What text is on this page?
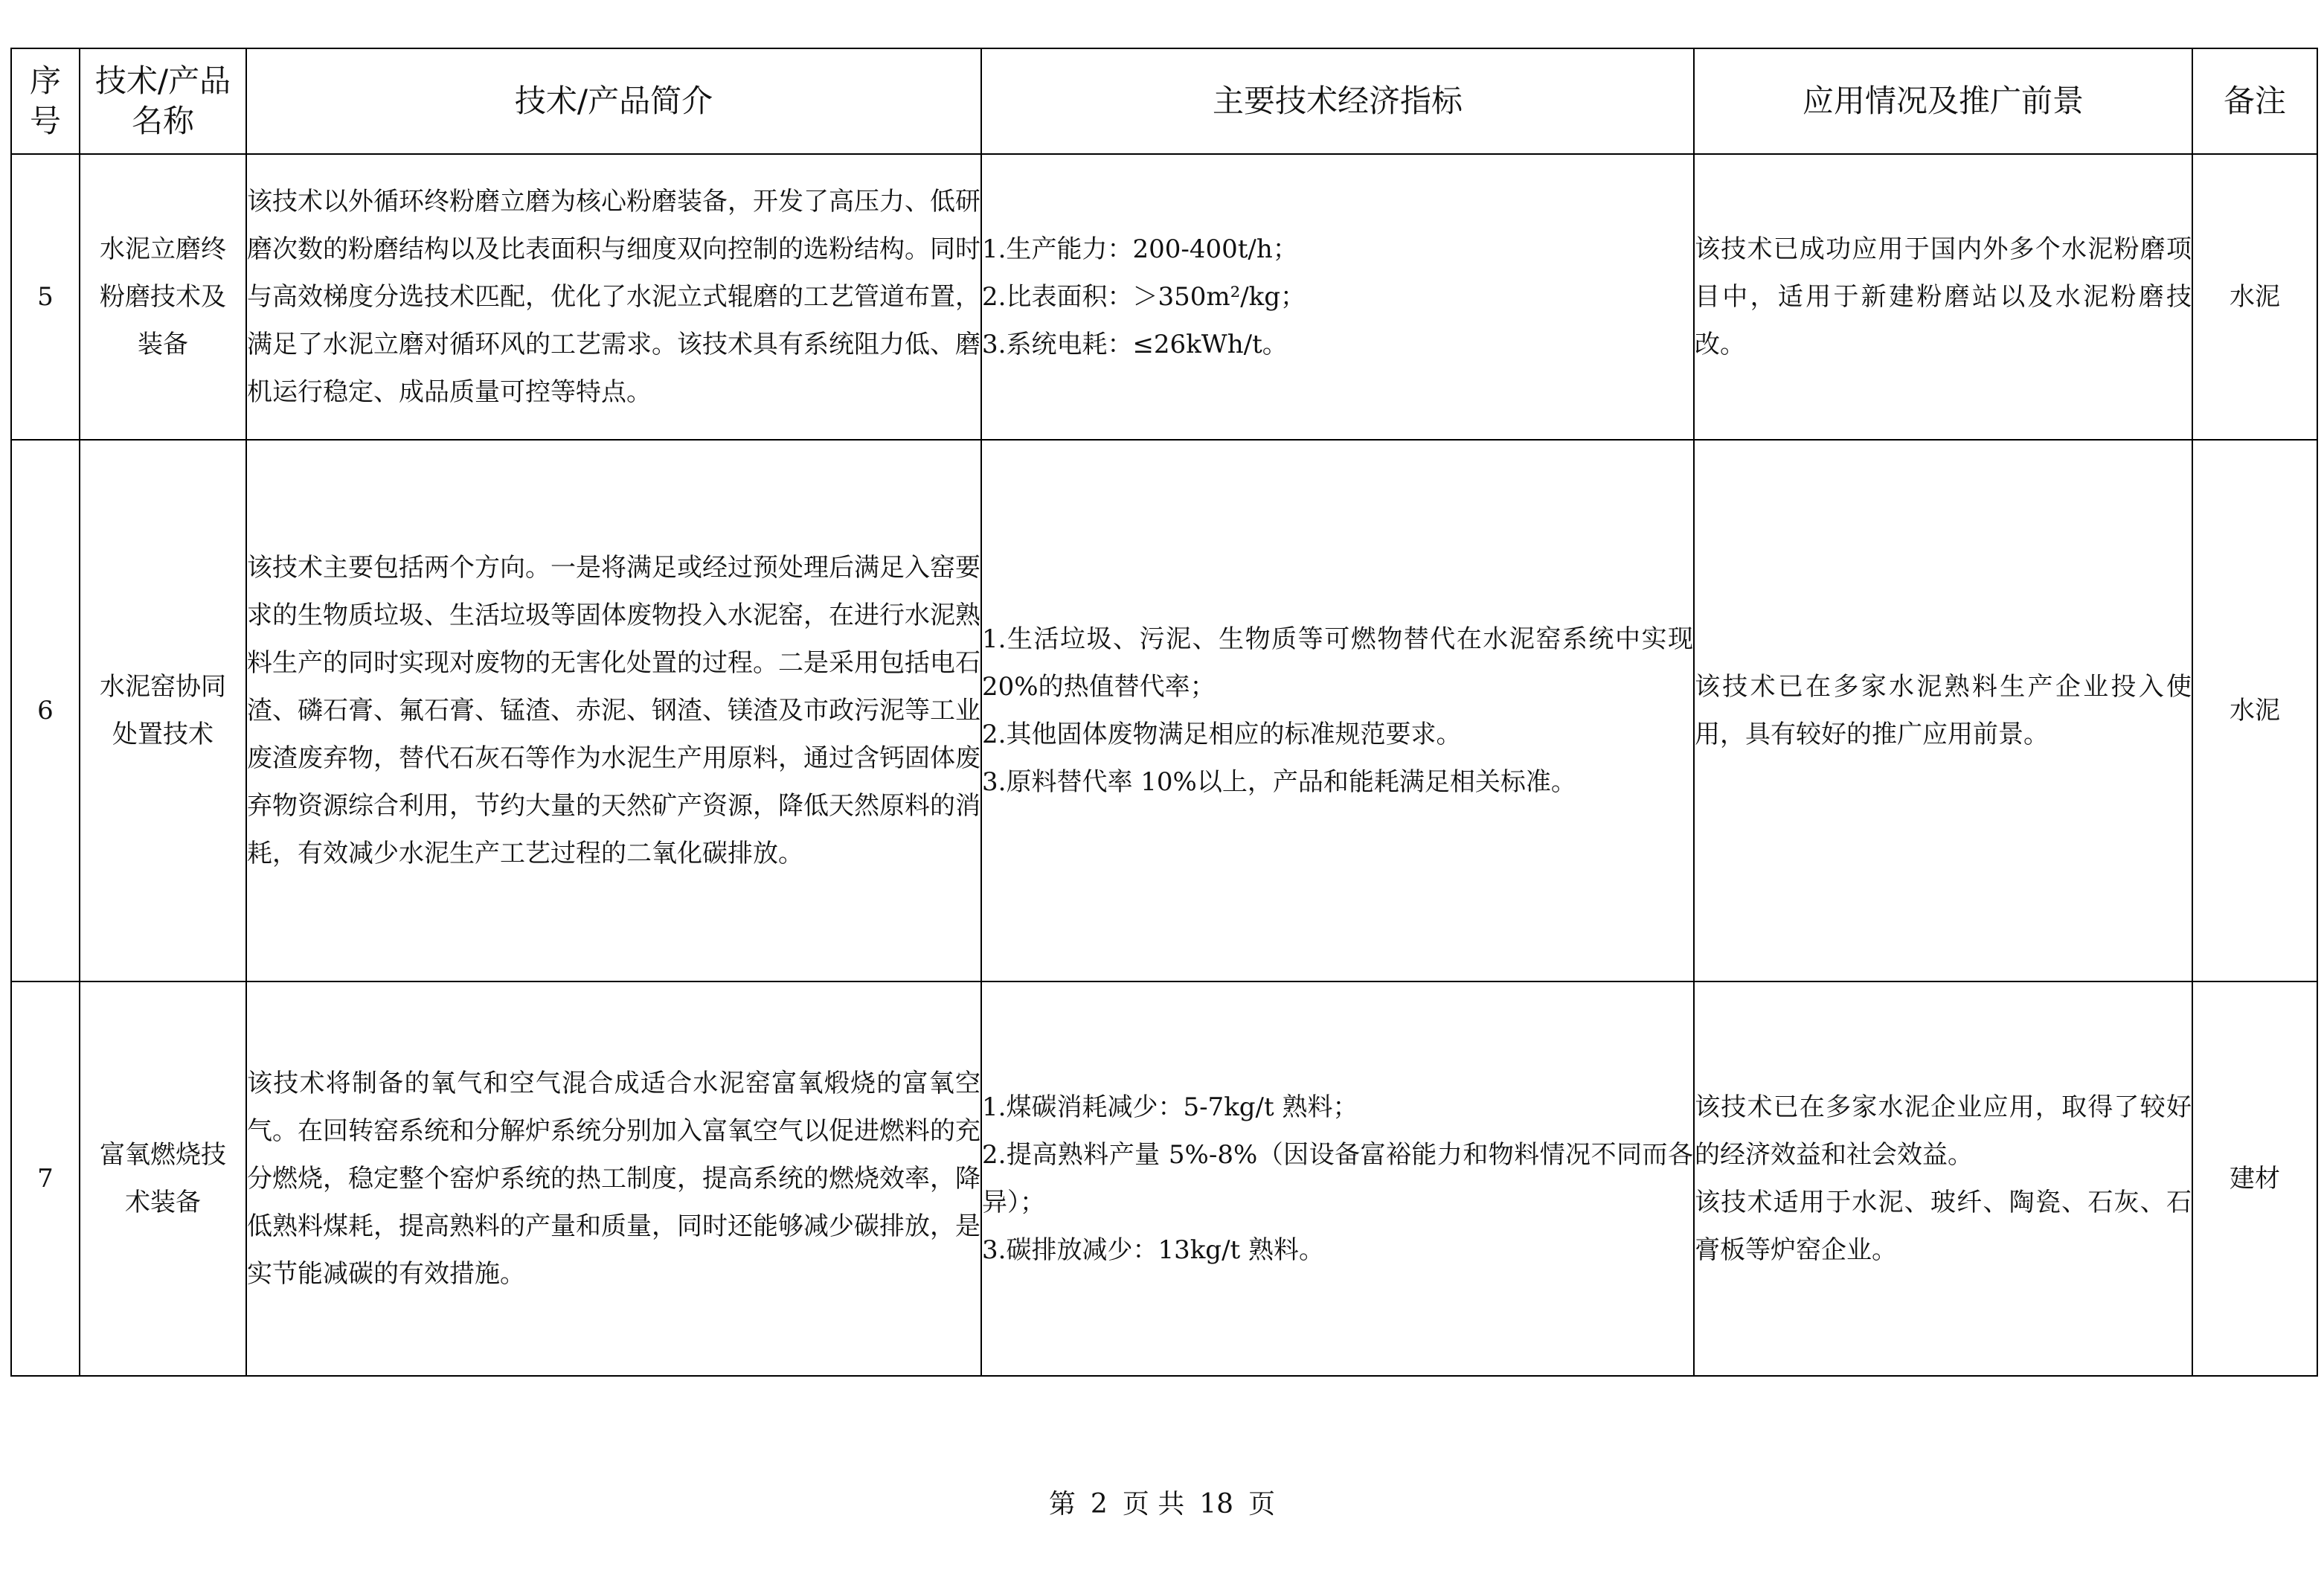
序
号	技术/产品
名称	技术/产品简介	主要技术经济指标	应用情况及推广前景	备注
5	水泥立磨终
粉磨技术及
装备	该技术以外循环终粉磨立磨为核心粉磨装备，开发了高压力、低研磨次数的粉磨结构以及比表面积与细度双向控制的选粉结构。同时与高效梯度分选技术匹配，优化了水泥立式辊磨的工艺管道布置，满足了水泥立磨对循环风的工艺需求。该技术具有系统阻力低、磨机运行稳定、成品质量可控等特点。	1.生产能力：200-400t/h；
2.比表面积：＞350m²/kg；
3.系统电耗：≤26kWh/t。	该技术已成功应用于国内外多个水泥粉磨项目中，适用于新建粉磨站以及水泥粉磨技改。	水泥
6	水泥窑协同
处置技术	该技术主要包括两个方向。一是将满足或经过预处理后满足入窑要求的生物质垃圾、生活垃圾等固体废物投入水泥窑，在进行水泥熟料生产的同时实现对废物的无害化处置的过程。二是采用包括电石渣、磷石膏、氟石膏、锰渣、赤泥、钢渣、镁渣及市政污泥等工业废渣废弃物，替代石灰石等作为水泥生产用原料，通过含钙固体废弃物资源综合利用，节约大量的天然矿产资源，降低天然原料的消耗，有效减少水泥生产工艺过程的二氧化碳排放。	1.生活垃圾、污泥、生物质等可燃物替代在水泥窑系统中实现 20%的热值替代率；
2.其他固体废物满足相应的标准规范要求。
3.原料替代率 10%以上，产品和能耗满足相关标准。	该技术已在多家水泥熟料生产企业投入使用，具有较好的推广应用前景。	水泥
7	富氧燃烧技
术装备	该技术将制备的氧气和空气混合成适合水泥窑富氧煅烧的富氧空气。在回转窑系统和分解炉系统分别加入富氧空气以促进燃料的充分燃烧，稳定整个窑炉系统的热工制度，提高系统的燃烧效率，降低熟料煤耗，提高熟料的产量和质量，同时还能够减少碳排放，是实节能减碳的有效措施。	1.煤碳消耗减少：5-7kg/t 熟料；
2.提高熟料产量 5%-8%（因设备富裕能力和物料情况不同而各异）；
3.碳排放减少：13kg/t 熟料。	该技术已在多家水泥企业应用，取得了较好的经济效益和社会效益。
该技术适用于水泥、玻纤、陶瓷、石灰、石膏板等炉窑企业。	建材
第 2 页 共 18 页
